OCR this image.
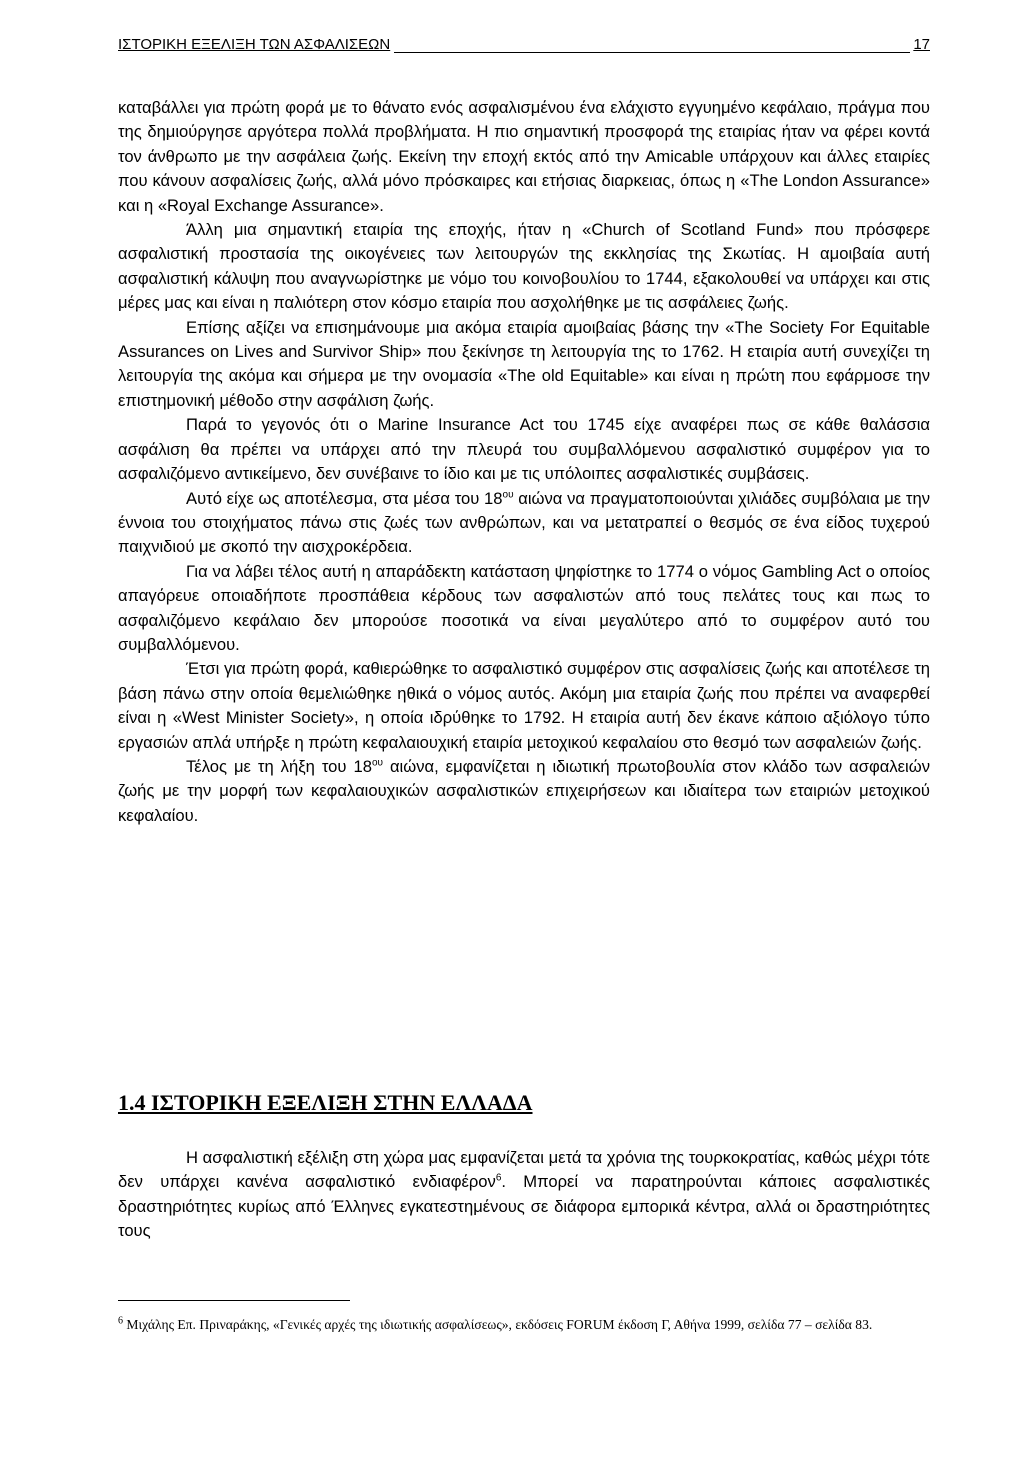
ΙΣΤΟΡΙΚΗ ΕΞΕΛΙΞΗ ΤΩΝ ΑΣΦΑΛΙΣΕΩΝ	17

καταβάλλει για πρώτη φορά με το θάνατο ενός ασφαλισμένου ένα ελάχιστο εγγυημένο κεφάλαιο, πράγμα που της δημιούργησε αργότερα πολλά προβλήματα. Η πιο σημαντική προσφορά της εταιρίας ήταν να φέρει κοντά τον άνθρωπο με την ασφάλεια ζωής. Εκείνη την εποχή εκτός από την Amicable υπάρχουν και άλλες εταιρίες που κάνουν ασφαλίσεις ζωής, αλλά μόνο πρόσκαιρες και ετήσιας διαρκειας, όπως η «The London Assurance» και η «Royal Exchange Assurance».

Άλλη μια σημαντική εταιρία της εποχής, ήταν η «Church of Scotland Fund» που πρόσφερε ασφαλιστική προστασία της οικογένειες των λειτουργών της εκκλησίας της Σκωτίας. Η αμοιβαία αυτή ασφαλιστική κάλυψη που αναγνωρίστηκε με νόμο του κοινοβουλίου το 1744, εξακολουθεί να υπάρχει και στις μέρες μας και είναι η παλιότερη στον κόσμο εταιρία που ασχολήθηκε με τις ασφάλειες ζωής.

Επίσης αξίζει να επισημάνουμε μια ακόμα εταιρία αμοιβαίας βάσης την «The Society For Equitable Assurances on Lives and Survivor Ship» που ξεκίνησε τη λειτουργία της το 1762. Η εταιρία αυτή συνεχίζει τη λειτουργία της ακόμα και σήμερα με την ονομασία «The old Equitable» και είναι η πρώτη που εφάρμοσε την επιστημονική μέθοδο στην ασφάλιση ζωής.

Παρά το γεγονός ότι ο Marine Insurance Act του 1745 είχε αναφέρει πως σε κάθε θαλάσσια ασφάλιση θα πρέπει να υπάρχει από την πλευρά του συμβαλλόμενου ασφαλιστικό συμφέρον για το ασφαλιζόμενο αντικείμενο, δεν συνέβαινε το ίδιο και με τις υπόλοιπες ασφαλιστικές συμβάσεις.

Αυτό είχε ως αποτέλεσμα, στα μέσα του $18^{o\upsilon}$ αιώνα να πραγματοποιούνται χιλιάδες συμβόλαια με την έννοια του στοιχήματος πάνω στις ζωές των ανθρώπων, και να μετατραπεί ο θεσμός σε ένα είδος τυχερού παιχνιδιού με σκοπό την αισχροκέρδεια.

Για να λάβει τέλος αυτή η απαράδεκτη κατάσταση ψηφίστηκε το 1774 ο νόμος Gambling Act ο οποίος απαγόρευε οποιαδήποτε προσπάθεια κέρδους των ασφαλιστών από τους πελάτες τους και πως το ασφαλιζόμενο κεφάλαιο δεν μπορούσε ποσοτικά να είναι μεγαλύτερο από το συμφέρον αυτό του συμβαλλόμενου.

Έτσι για πρώτη φορά, καθιερώθηκε το ασφαλιστικό συμφέρον στις ασφαλίσεις ζωής και αποτέλεσε τη βάση πάνω στην οποία θεμελιώθηκε ηθικά ο νόμος αυτός. Ακόμη μια εταιρία ζωής που πρέπει να αναφερθεί είναι η «West Minister Society», η οποία ιδρύθηκε το 1792. Η εταιρία αυτή δεν έκανε κάποιο αξιόλογο τύπο εργασιών απλά υπήρξε η πρώτη κεφαλαιουχική εταιρία μετοχικού κεφαλαίου στο θεσμό των ασφαλειών ζωής.

Τέλος με τη λήξη του $18^{o\upsilon}$ αιώνα, εμφανίζεται η ιδιωτική πρωτοβουλία στον κλάδο των ασφαλειών ζωής με την μορφή των κεφαλαιουχικών ασφαλιστικών επιχειρήσεων και ιδιαίτερα των εταιριών μετοχικού κεφαλαίου.

1.4 ΙΣΤΟΡΙΚΗ ΕΞΕΛΙΞΗ ΣΤΗΝ ΕΛΛΑΔΑ

Η ασφαλιστική εξέλιξη στη χώρα μας εμφανίζεται μετά τα χρόνια της τουρκοκρατίας, καθώς μέχρι τότε δεν υπάρχει κανένα ασφαλιστικό ενδιαφέρον$^6$. Μπορεί να παρατηρούνται κάποιες ασφαλιστικές δραστηριότητες κυρίως από Έλληνες εγκατεστημένους σε διάφορα εμπορικά κέντρα, αλλά οι δραστηριότητες τους

$^6$ Μιχάλης Επ. Πριναράκης, «Γενικές αρχές της ιδιωτικής ασφαλίσεως», εκδόσεις FORUM έκδοση Γ, Αθήνα 1999, σελίδα 77 – σελίδα 83.
